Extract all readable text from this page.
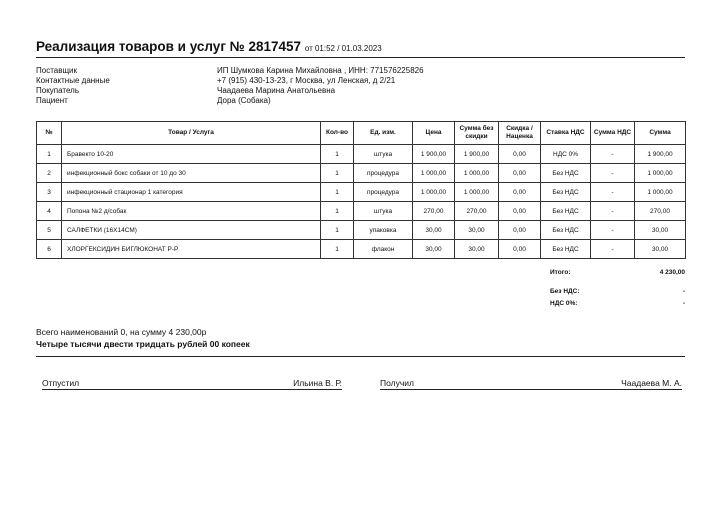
Реализация товаров и услуг № 2817457 от 01:52 / 01.03.2023
Поставщик	ИП Шумкова Карина Михайловна , ИНН: 771576225826
Контактные данные	+7 (915) 430-13-23, г Москва, ул Ленская, д 2/21
Покупатель	Чаадаева Марина Анатольевна
Пациент	Дора (Собака)
№	Товар / Услуга	Кол-во	Ед. изм.	Цена	Сумма без скидки	Скидка / Наценка	Ставка НДС	Сумма НДС	Сумма
1	Бравекто 10-20	1	штука	1 900,00	1 900,00	0,00	НДС 0%	-	1 900,00
2	инфекционный бокс собаки от 10 до 30	1	процедура	1 000,00	1 000,00	0,00	Без НДС	-	1 000,00
3	инфекционный стационар 1 категория	1	процедура	1 000,00	1 000,00	0,00	Без НДС	-	1 000,00
4	Попона №2 д/собак	1	штука	270,00	270,00	0,00	Без НДС	-	270,00
5	САЛФЕТКИ (16Х14СМ)	1	упаковка	30,00	30,00	0,00	Без НДС	-	30,00
6	ХЛОРГЕКСИДИН БИГЛЮКОНАТ Р-Р	1	флакон	30,00	30,00	0,00	Без НДС	-	30,00
Итого:	4 230,00
Без НДС:	-
НДС 0%:	-
Всего наименований 0, на сумму 4 230,00р
Четыре тысячи двести тридцать рублей 00 копеек
Отпустил	Ильина В. Р.	Получил	Чаадаева М. А.
